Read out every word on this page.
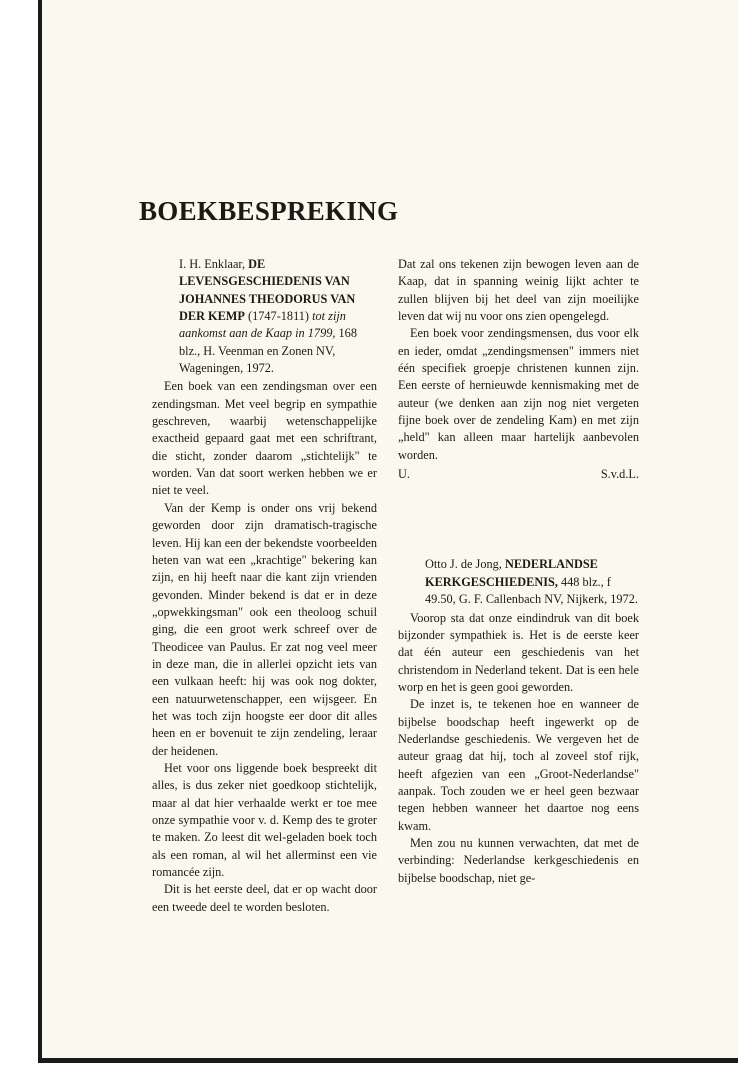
BOEKBESPREKING

I. H. Enklaar, DE LEVENSGESCHIEDENIS VAN JOHANNES THEODORUS VAN DER KEMP (1747-1811) tot zijn aankomst aan de Kaap in 1799, 168 blz., H. Veenman en Zonen NV, Wageningen, 1972.

Een boek van een zendingsman over een zendingsman. Met veel begrip en sympathie geschreven, waarbij wetenschappelijke exactheid gepaard gaat met een schriftrant, die sticht, zonder daarom „stichtelijk" te worden. Van dat soort werken hebben we er niet te veel.

Van der Kemp is onder ons vrij bekend geworden door zijn dramatisch-tragische leven. Hij kan een der bekendste voorbeelden heten van wat een „krachtige" bekering kan zijn, en hij heeft naar die kant zijn vrienden gevonden. Minder bekend is dat er in deze „opwekkingsman" ook een theoloog schuil ging, die een groot werk schreef over de Theodicee van Paulus. Er zat nog veel meer in deze man, die in allerlei opzicht iets van een vulkaan heeft: hij was ook nog dokter, een natuurwetenschapper, een wijsgeer. En het was toch zijn hoogste eer door dit alles heen en er bovenuit te zijn zendeling, leraar der heidenen.

Het voor ons liggende boek bespreekt dit alles, is dus zeker niet goedkoop stichtelijk, maar al dat hier verhaalde werkt er toe mee onze sympathie voor v. d. Kemp des te groter te maken. Zo leest dit wel-geladen boek toch als een roman, al wil het allerminst een vie romancée zijn.

Dit is het eerste deel, dat er op wacht door een tweede deel te worden besloten.

Dat zal ons tekenen zijn bewogen leven aan de Kaap, dat in spanning weinig lijkt achter te zullen blijven bij het deel van zijn moeilijke leven dat wij nu voor ons zien opengelegd.

Een boek voor zendingsmensen, dus voor elk en ieder, omdat „zendingsmensen" immers niet één specifiek groepje christenen kunnen zijn. Een eerste of hernieuwde kennismaking met de auteur (we denken aan zijn nog niet vergeten fijne boek over de zendeling Kam) en met zijn „held" kan alleen maar hartelijk aanbevolen worden.

U.	S.v.d.L.

Otto J. de Jong, NEDERLANDSE KERKGESCHIEDENIS, 448 blz., f 49.50, G. F. Callenbach NV, Nijkerk, 1972.

Voorop sta dat onze eindindruk van dit boek bijzonder sympathiek is. Het is de eerste keer dat één auteur een geschiedenis van het christendom in Nederland tekent. Dat is een hele worp en het is geen gooi geworden.

De inzet is, te tekenen hoe en wanneer de bijbelse boodschap heeft ingewerkt op de Nederlandse geschiedenis. We vergeven het de auteur graag dat hij, toch al zoveel stof rijk, heeft afgezien van een „Groot-Nederlandse" aanpak. Toch zouden we er heel geen bezwaar tegen hebben wanneer het daartoe nog eens kwam.

Men zou nu kunnen verwachten, dat met de verbinding: Nederlandse kerkgeschiedenis en bijbelse boodschap, niet ge-
